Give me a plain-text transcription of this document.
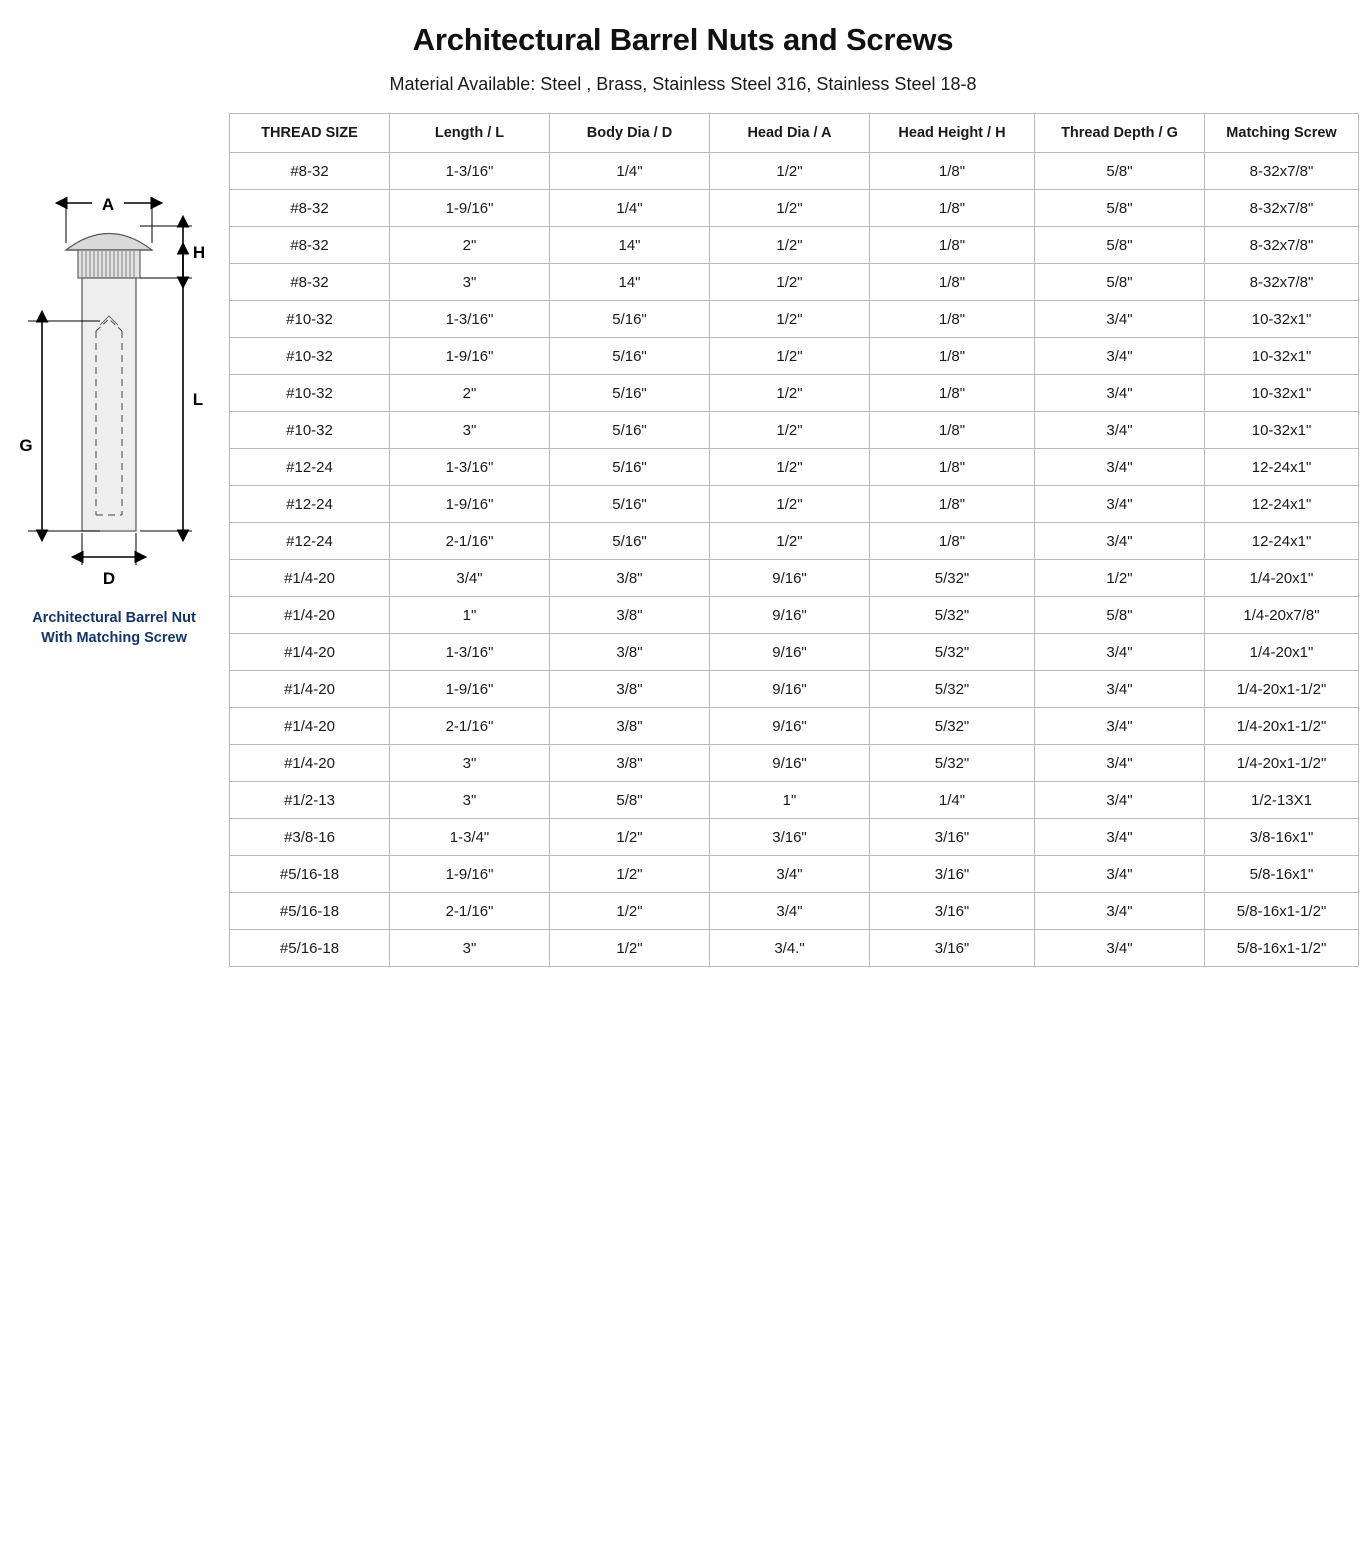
Architectural Barrel Nuts and Screws

Material Available: Steel , Brass, Stainless Steel 316, Stainless Steel 18-8

A
H
L
G
D
Architectural Barrel Nut
With Matching Screw
THREAD SIZE	Length / L	Body Dia / D	Head Dia / A	Head Height / H	Thread Depth / G	Matching Screw
#8-32	1-3/16"	1/4"	1/2"	1/8"	5/8"	8-32x7/8"
#8-32	1-9/16"	1/4"	1/2"	1/8"	5/8"	8-32x7/8"
#8-32	2"	14"	1/2"	1/8"	5/8"	8-32x7/8"
#8-32	3"	14"	1/2"	1/8"	5/8"	8-32x7/8"
#10-32	1-3/16"	5/16"	1/2"	1/8"	3/4"	10-32x1"
#10-32	1-9/16"	5/16"	1/2"	1/8"	3/4"	10-32x1"
#10-32	2"	5/16"	1/2"	1/8"	3/4"	10-32x1"
#10-32	3"	5/16"	1/2"	1/8"	3/4"	10-32x1"
#12-24	1-3/16"	5/16"	1/2"	1/8"	3/4"	12-24x1"
#12-24	1-9/16"	5/16"	1/2"	1/8"	3/4"	12-24x1"
#12-24	2-1/16"	5/16"	1/2"	1/8"	3/4"	12-24x1"
#1/4-20	3/4"	3/8"	9/16"	5/32"	1/2"	1/4-20x1"
#1/4-20	1"	3/8"	9/16"	5/32"	5/8"	1/4-20x7/8"
#1/4-20	1-3/16"	3/8"	9/16"	5/32"	3/4"	1/4-20x1"
#1/4-20	1-9/16"	3/8"	9/16"	5/32"	3/4"	1/4-20x1-1/2"
#1/4-20	2-1/16"	3/8"	9/16"	5/32"	3/4"	1/4-20x1-1/2"
#1/4-20	3"	3/8"	9/16"	5/32"	3/4"	1/4-20x1-1/2"
#1/2-13	3"	5/8"	1"	1/4"	3/4"	1/2-13X1
#3/8-16	1-3/4"	1/2"	3/16"	3/16"	3/4"	3/8-16x1"
#5/16-18	1-9/16"	1/2"	3/4"	3/16"	3/4"	5/8-16x1"
#5/16-18	2-1/16"	1/2"	3/4"	3/16"	3/4"	5/8-16x1-1/2"
#5/16-18	3"	1/2"	3/4."	3/16"	3/4"	5/8-16x1-1/2"
